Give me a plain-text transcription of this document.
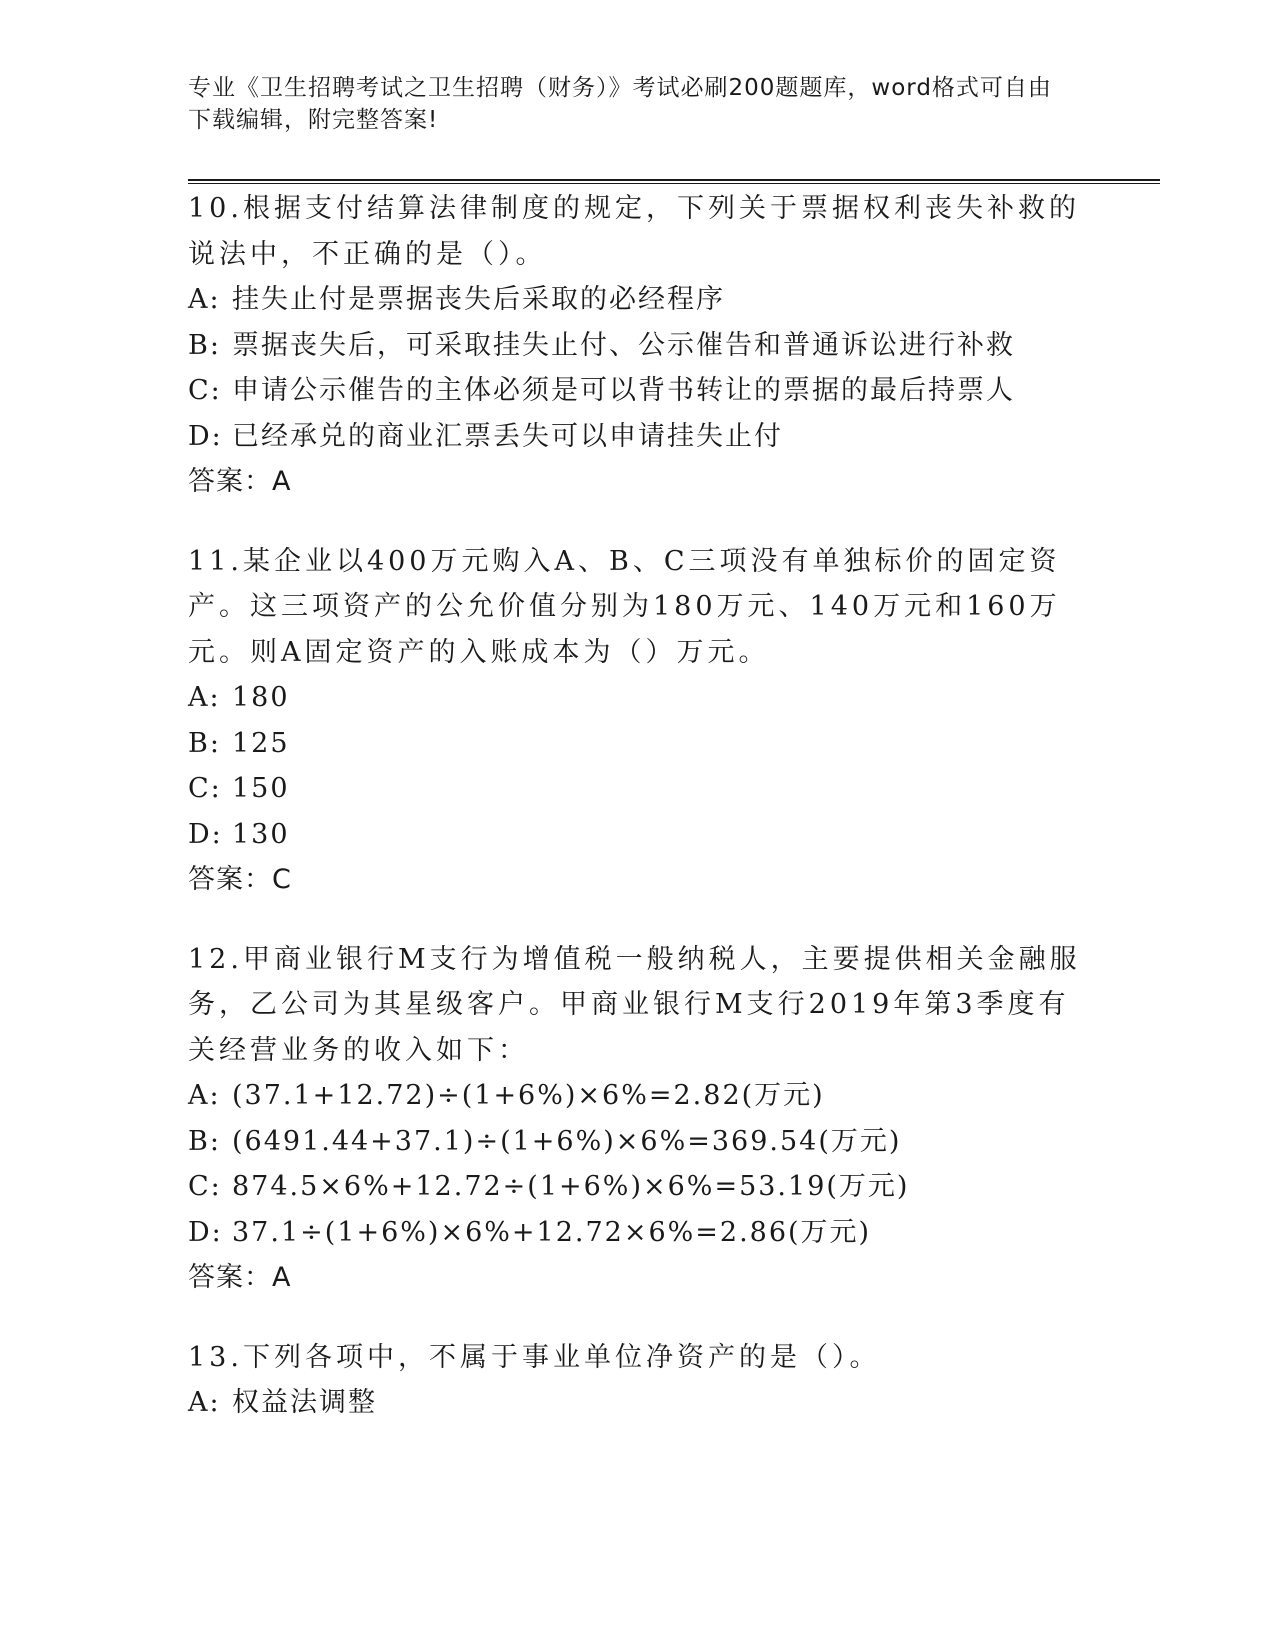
专业《卫生招聘考试之卫生招聘（财务）》考试必刷200题题库，word格式可自由下载编辑，附完整答案!
10.根据支付结算法律制度的规定，下列关于票据权利丧失补救的说法中，不正确的是（）。
A: 挂失止付是票据丧失后采取的必经程序
B: 票据丧失后，可采取挂失止付、公示催告和普通诉讼进行补救
C: 申请公示催告的主体必须是可以背书转让的票据的最后持票人
D: 已经承兑的商业汇票丢失可以申请挂失止付
答案：A
11.某企业以400万元购入A、B、C三项没有单独标价的固定资产。这三项资产的公允价值分别为180万元、140万元和160万元。则A固定资产的入账成本为（）万元。
A: 180
B: 125
C: 150
D: 130
答案：C
12.甲商业银行M支行为增值税一般纳税人，主要提供相关金融服务，乙公司为其星级客户。甲商业银行M支行2019年第3季度有关经营业务的收入如下：
A: (37.1+12.72)÷(1+6%)×6%=2.82(万元)
B: (6491.44+37.1)÷(1+6%)×6%=369.54(万元)
C: 874.5×6%+12.72÷(1+6%)×6%=53.19(万元)
D: 37.1÷(1+6%)×6%+12.72×6%=2.86(万元)
答案：A
13.下列各项中，不属于事业单位净资产的是（）。
A: 权益法调整
